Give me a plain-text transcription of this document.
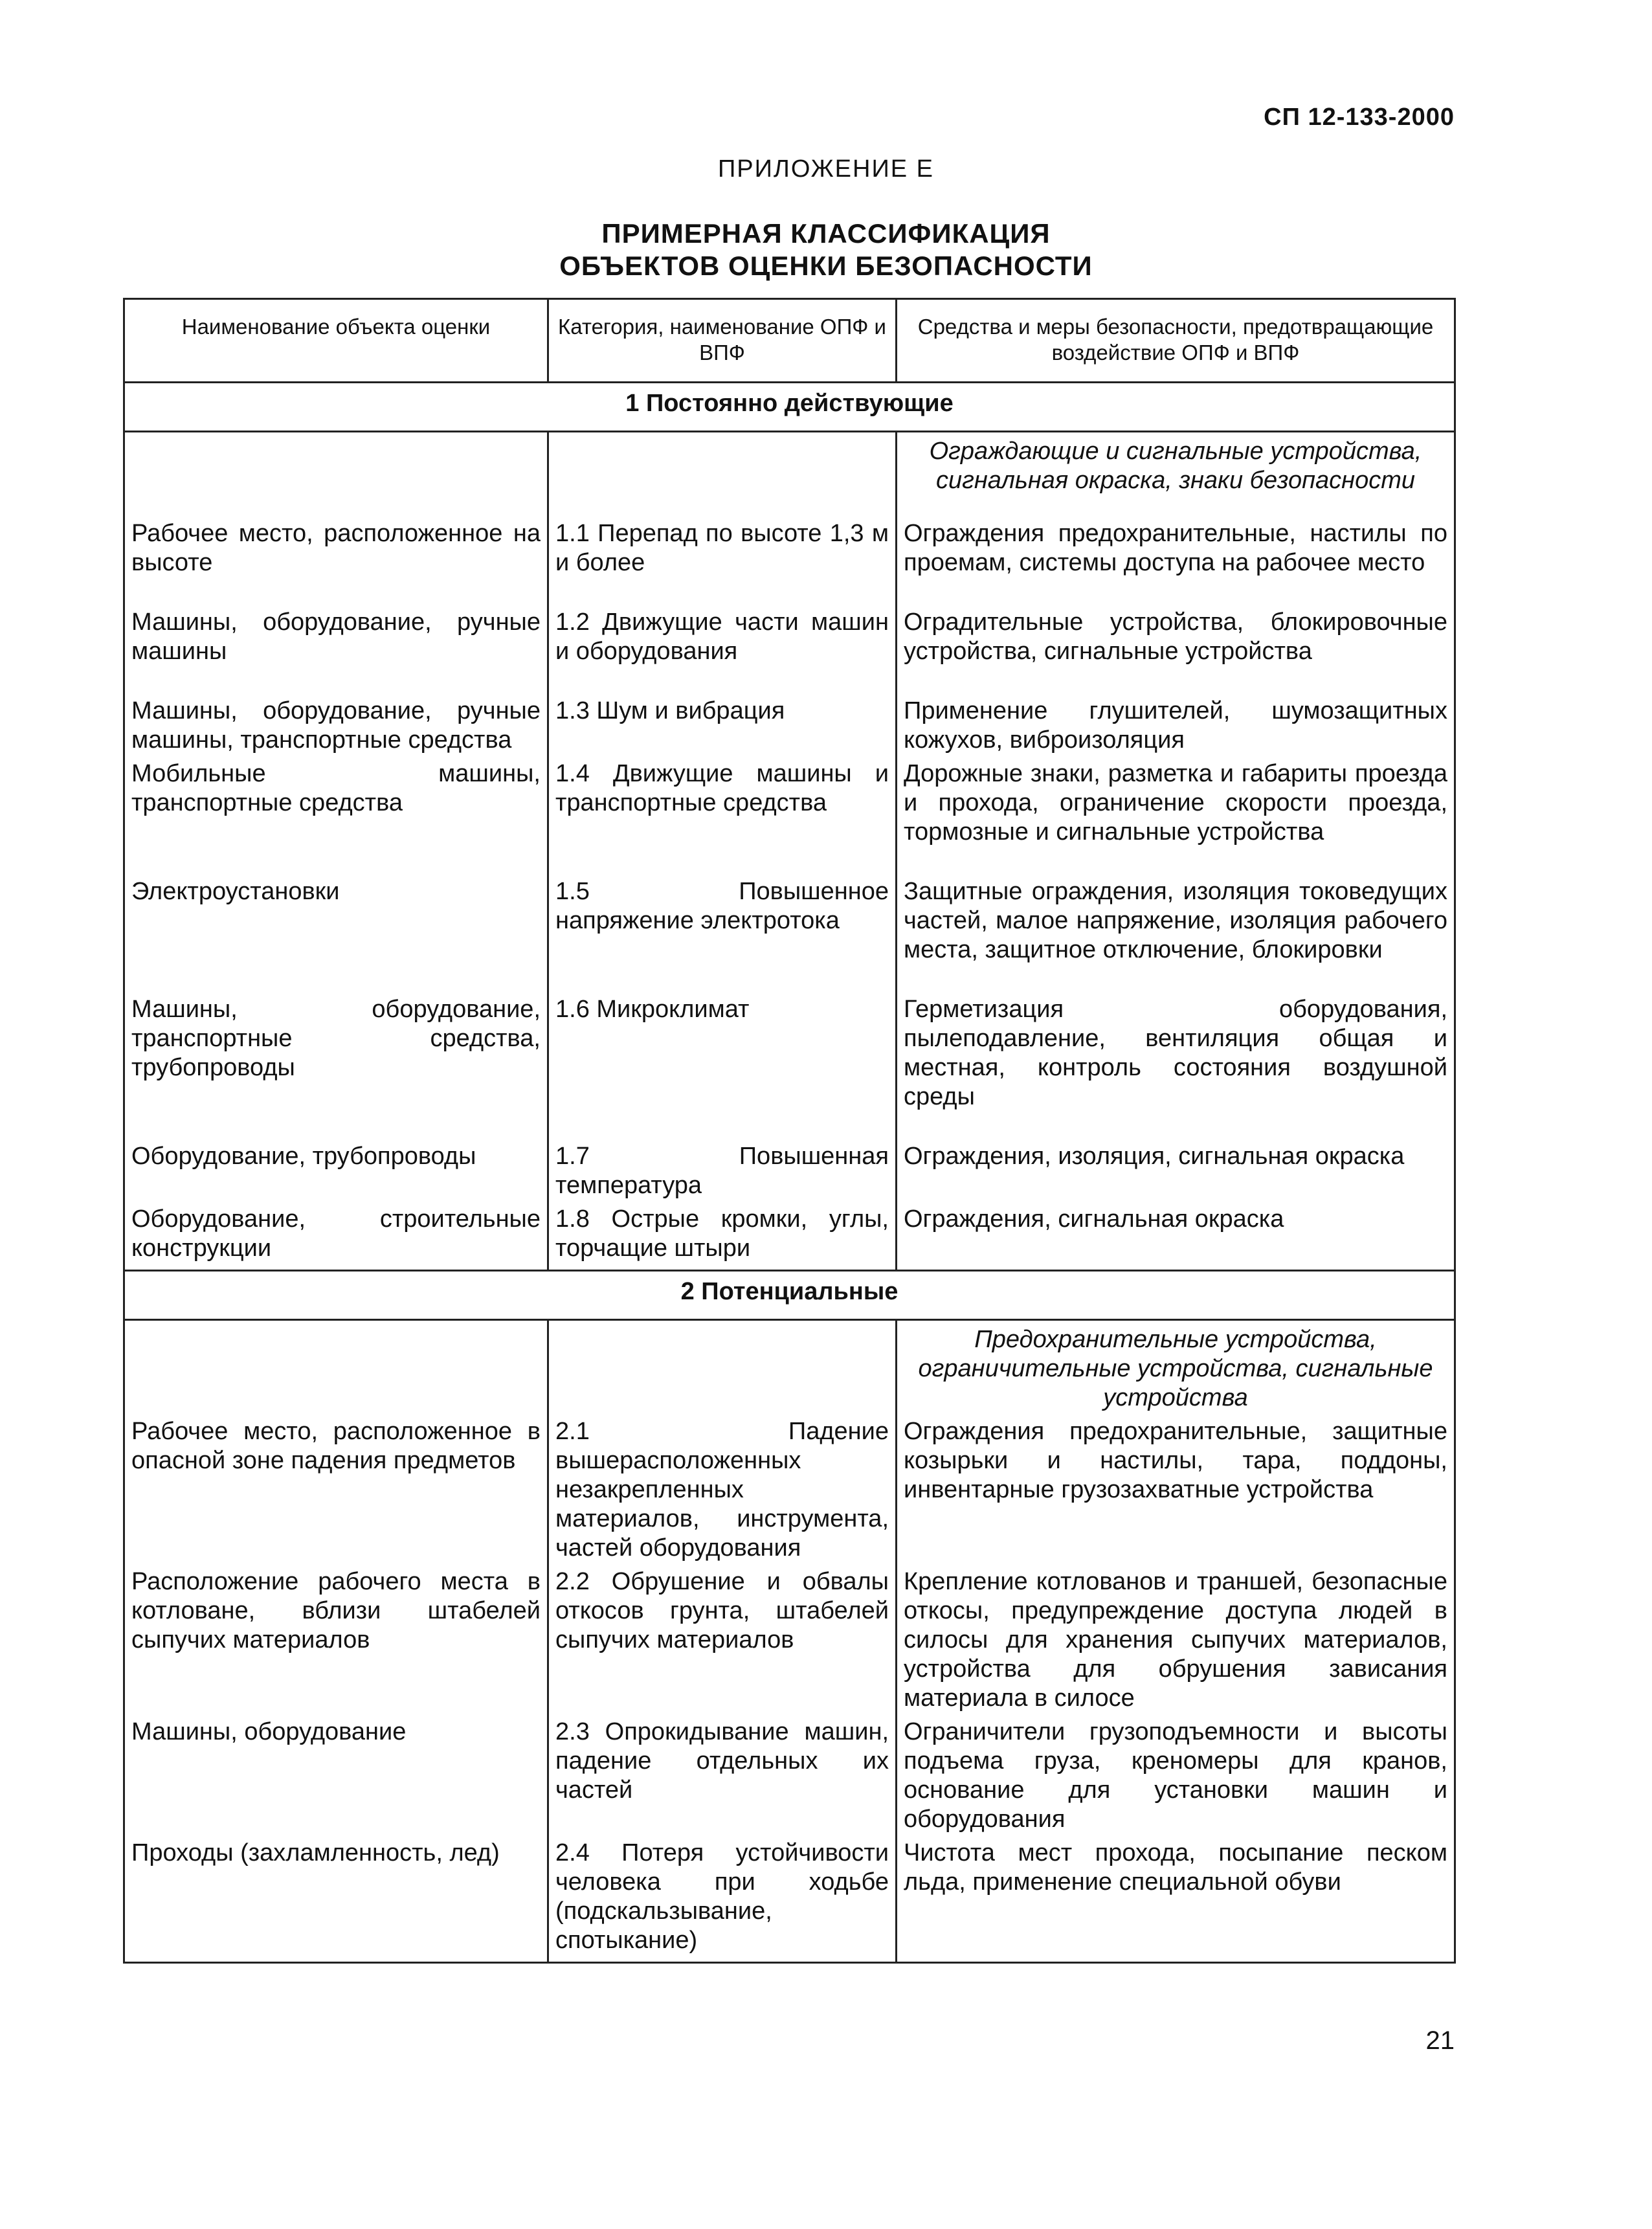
СП 12-133-2000
ПРИЛОЖЕНИЕ Е
ПРИМЕРНАЯ КЛАССИФИКАЦИЯ
ОБЪЕКТОВ ОЦЕНКИ БЕЗОПАСНОСТИ
Наименование объекта оценки	Категория, наименование ОПФ и ВПФ	Средства и меры безопасности, предотвращающие воздействие ОПФ и ВПФ
1 Постоянно действующие		
		Ограждающие и сигнальные устройства, сигнальная окраска, знаки безопасности
Рабочее место, расположенное на высоте	1.1 Перепад по высоте 1,3 м и более	Ограждения предохранительные, настилы по проемам, системы доступа на рабочее место
Машины, оборудование, ручные машины	1.2 Движущие части машин и оборудования	Оградительные устройства, блокировочные устройства, сигнальные устройства
Машины, оборудование, ручные машины, транспортные средства	1.3 Шум и вибрация	Применение глушителей, шумозащитных кожухов, виброизоляция
Мобильные машины, транспортные средства	1.4 Движущие машины и транспортные средства	Дорожные знаки, разметка и габариты проезда и прохода, ограничение скорости проезда, тормозные и сигнальные устройства
Электроустановки	1.5 Повышенное напряжение электротока	Защитные ограждения, изоляция токоведущих частей, малое напряжение, изоляция рабочего места, защитное отключение, блокировки
Машины, оборудование, транспортные средства, трубопроводы	1.6 Микроклимат	Герметизация оборудования, пылеподавление, вентиляция общая и местная, контроль состояния воздушной среды
Оборудование, трубопроводы	1.7 Повышенная температура	Ограждения, изоляция, сигнальная окраска
Оборудование, строительные конструкции	1.8 Острые кромки, углы, торчащие штыри	Ограждения, сигнальная окраска
2 Потенциальные		
		Предохранительные устройства, ограничительные устройства, сигнальные устройства
Рабочее место, расположенное в опасной зоне падения предметов	2.1 Падение вышерасположенных незакрепленных материалов, инструмента, частей оборудования	Ограждения предохранительные, защитные козырьки и настилы, тара, поддоны, инвентарные грузозахватные устройства
Расположение рабочего места в котловане, вблизи штабелей сыпучих материалов	2.2 Обрушение и обвалы откосов грунта, штабелей сыпучих материалов	Крепление котлованов и траншей, безопасные откосы, предупреждение доступа людей в силосы для хранения сыпучих материалов, устройства для обрушения зависания материала в силосе
Машины, оборудование	2.3 Опрокидывание машин, падение отдельных их частей	Ограничители грузоподъемности и высоты подъема груза, креномеры для кранов, основание для установки машин и оборудования
Проходы (захламленность, лед)	2.4 Потеря устойчивости человека при ходьбе (подскальзывание, спотыкание)	Чистота мест прохода, посыпание песком льда, применение специальной обуви
21
